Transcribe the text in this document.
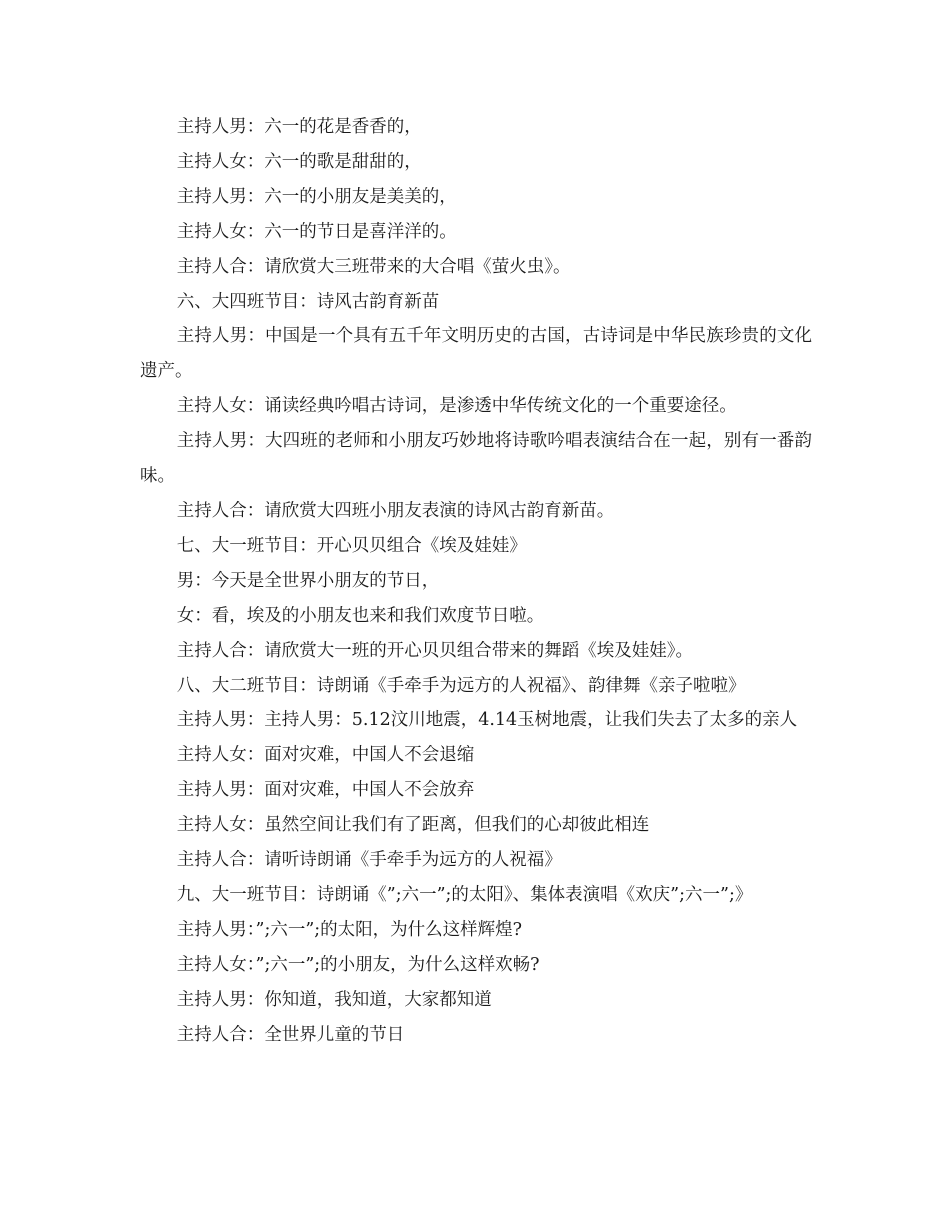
主持人男：六一的花是香香的，

主持人女：六一的歌是甜甜的，

主持人男：六一的小朋友是美美的，

主持人女：六一的节日是喜洋洋的。

主持人合：请欣赏大三班带来的大合唱《萤火虫》。

六、大四班节目：诗风古韵育新苗

主持人男：中国是一个具有五千年文明历史的古国，古诗词是中华民族珍贵的文化遗产。

主持人女：诵读经典吟唱古诗词，是渗透中华传统文化的一个重要途径。

主持人男：大四班的老师和小朋友巧妙地将诗歌吟唱表演结合在一起，别有一番韵味。

主持人合：请欣赏大四班小朋友表演的诗风古韵育新苗。

七、大一班节目：开心贝贝组合《埃及娃娃》

男：今天是全世界小朋友的节日，

女：看，埃及的小朋友也来和我们欢度节日啦。

主持人合：请欣赏大一班的开心贝贝组合带来的舞蹈《埃及娃娃》。

八、大二班节目：诗朗诵《手牵手为远方的人祝福》、韵律舞《亲子啦啦》

主持人男：主持人男：5.12汶川地震，4.14玉树地震，让我们失去了太多的亲人

主持人女：面对灾难，中国人不会退缩

主持人男：面对灾难，中国人不会放弃

主持人女：虽然空间让我们有了距离，但我们的心却彼此相连

主持人合：请听诗朗诵《手牵手为远方的人祝福》

九、大一班节目：诗朗诵《”;六一”;的太阳》、集体表演唱《欢庆”;六一”;》

主持人男：”;六一”;的太阳，为什么这样辉煌?

主持人女：”;六一”;的小朋友，为什么这样欢畅?

主持人男：你知道，我知道，大家都知道

主持人合：全世界儿童的节日
